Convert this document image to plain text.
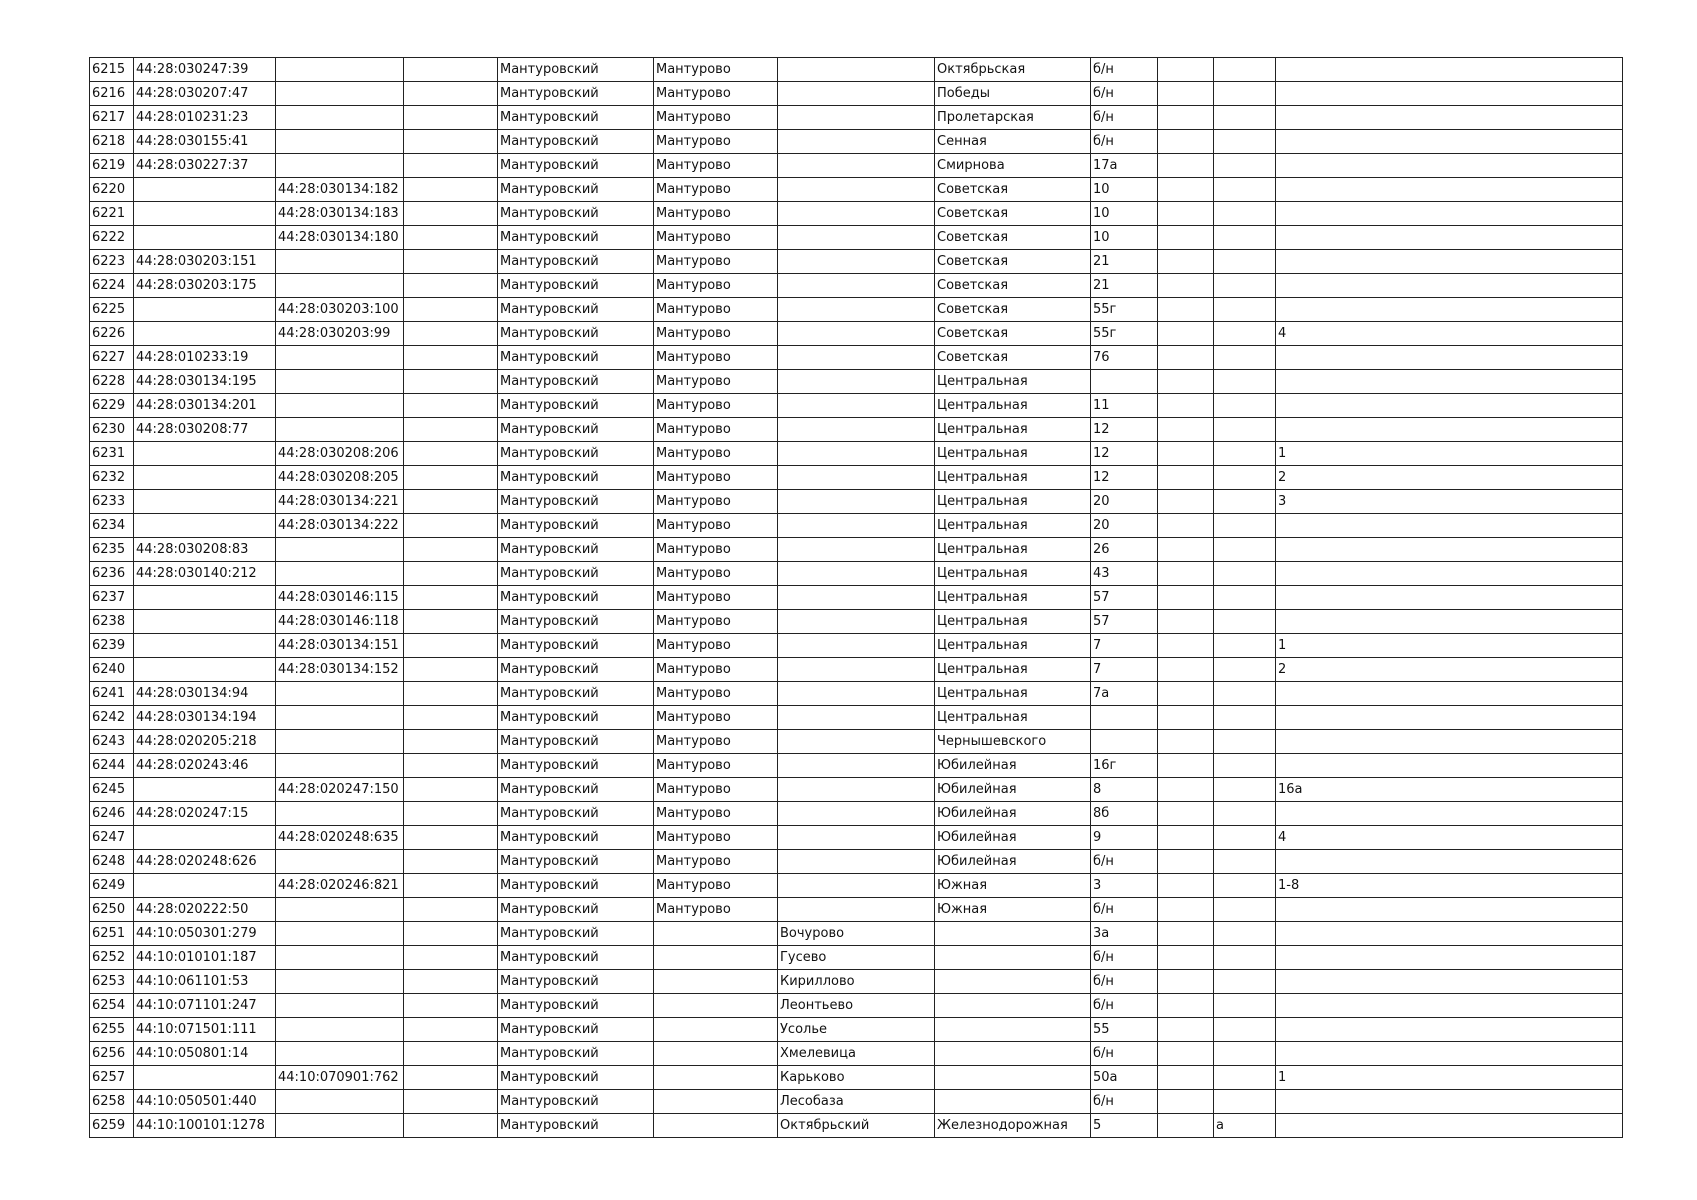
6215	44:28:030247:39			Мантуровский	Мантурово		Октябрьская	б/н			
6216	44:28:030207:47			Мантуровский	Мантурово		Победы	б/н			
6217	44:28:010231:23			Мантуровский	Мантурово		Пролетарская	б/н			
6218	44:28:030155:41			Мантуровский	Мантурово		Сенная	б/н			
6219	44:28:030227:37			Мантуровский	Мантурово		Смирнова	17а			
6220		44:28:030134:182		Мантуровский	Мантурово		Советская	10			
6221		44:28:030134:183		Мантуровский	Мантурово		Советская	10			
6222		44:28:030134:180		Мантуровский	Мантурово		Советская	10			
6223	44:28:030203:151			Мантуровский	Мантурово		Советская	21			
6224	44:28:030203:175			Мантуровский	Мантурово		Советская	21			
6225		44:28:030203:100		Мантуровский	Мантурово		Советская	55г			
6226		44:28:030203:99		Мантуровский	Мантурово		Советская	55г			4
6227	44:28:010233:19			Мантуровский	Мантурово		Советская	76			
6228	44:28:030134:195			Мантуровский	Мантурово		Центральная				
6229	44:28:030134:201			Мантуровский	Мантурово		Центральная	11			
6230	44:28:030208:77			Мантуровский	Мантурово		Центральная	12			
6231		44:28:030208:206		Мантуровский	Мантурово		Центральная	12			1
6232		44:28:030208:205		Мантуровский	Мантурово		Центральная	12			2
6233		44:28:030134:221		Мантуровский	Мантурово		Центральная	20			3
6234		44:28:030134:222		Мантуровский	Мантурово		Центральная	20			
6235	44:28:030208:83			Мантуровский	Мантурово		Центральная	26			
6236	44:28:030140:212			Мантуровский	Мантурово		Центральная	43			
6237		44:28:030146:115		Мантуровский	Мантурово		Центральная	57			
6238		44:28:030146:118		Мантуровский	Мантурово		Центральная	57			
6239		44:28:030134:151		Мантуровский	Мантурово		Центральная	7			1
6240		44:28:030134:152		Мантуровский	Мантурово		Центральная	7			2
6241	44:28:030134:94			Мантуровский	Мантурово		Центральная	7а			
6242	44:28:030134:194			Мантуровский	Мантурово		Центральная				
6243	44:28:020205:218			Мантуровский	Мантурово		Чернышевского				
6244	44:28:020243:46			Мантуровский	Мантурово		Юбилейная	16г			
6245		44:28:020247:150		Мантуровский	Мантурово		Юбилейная	8			16а
6246	44:28:020247:15			Мантуровский	Мантурово		Юбилейная	8б			
6247		44:28:020248:635		Мантуровский	Мантурово		Юбилейная	9			4
6248	44:28:020248:626			Мантуровский	Мантурово		Юбилейная	б/н			
6249		44:28:020246:821		Мантуровский	Мантурово		Южная	3			1-8
6250	44:28:020222:50			Мантуровский	Мантурово		Южная	б/н			
6251	44:10:050301:279			Мантуровский		Вочурово		3а			
6252	44:10:010101:187			Мантуровский		Гусево		б/н			
6253	44:10:061101:53			Мантуровский		Кириллово		б/н			
6254	44:10:071101:247			Мантуровский		Леонтьево		б/н			
6255	44:10:071501:111			Мантуровский		Усолье		55			
6256	44:10:050801:14			Мантуровский		Хмелевица		б/н			
6257		44:10:070901:762		Мантуровский		Карьково		50а			1
6258	44:10:050501:440			Мантуровский		Лесобаза		б/н			
6259	44:10:100101:1278			Мантуровский		Октябрьский	Железнодорожная	5		а	
